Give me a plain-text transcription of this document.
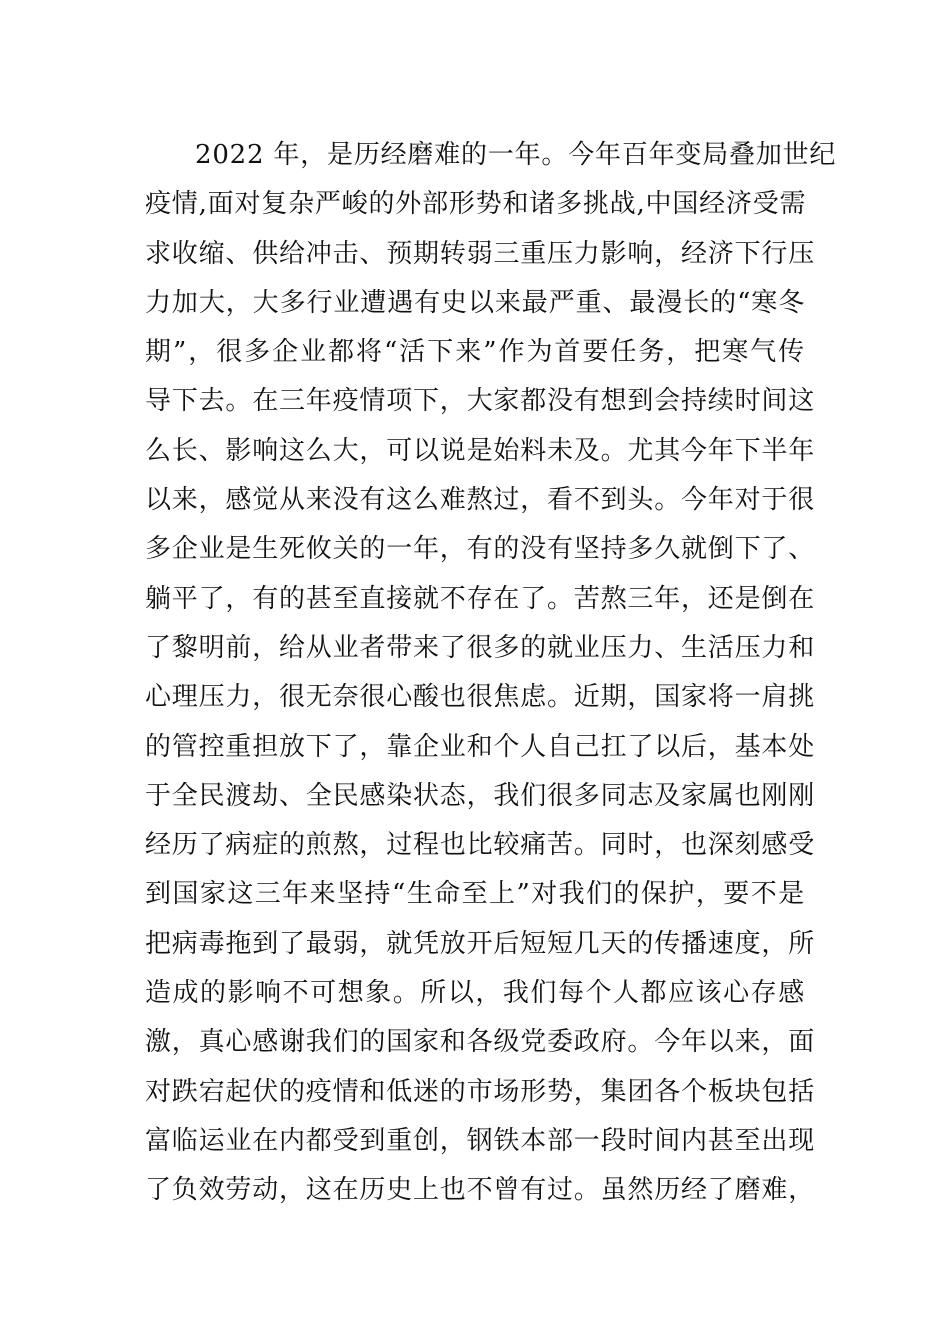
2022 年，是历经磨难的一年。今年百年变局叠加世纪
疫情,面对复杂严峻的外部形势和诸多挑战,中国经济受需
求收缩、供给冲击、预期转弱三重压力影响，经济下行压
力加大，大多行业遭遇有史以来最严重、最漫长的“寒冬
期”，很多企业都将“活下来”作为首要任务，把寒气传
导下去。在三年疫情项下，大家都没有想到会持续时间这
么长、影响这么大，可以说是始料未及。尤其今年下半年
以来，感觉从来没有这么难熬过，看不到头。今年对于很
多企业是生死攸关的一年，有的没有坚持多久就倒下了、
躺平了，有的甚至直接就不存在了。苦熬三年，还是倒在
了黎明前，给从业者带来了很多的就业压力、生活压力和
心理压力，很无奈很心酸也很焦虑。近期，国家将一肩挑
的管控重担放下了，靠企业和个人自己扛了以后，基本处
于全民渡劫、全民感染状态，我们很多同志及家属也刚刚
经历了病症的煎熬，过程也比较痛苦。同时，也深刻感受
到国家这三年来坚持“生命至上”对我们的保护，要不是
把病毒拖到了最弱，就凭放开后短短几天的传播速度，所
造成的影响不可想象。所以，我们每个人都应该心存感
激，真心感谢我们的国家和各级党委政府。今年以来，面
对跌宕起伏的疫情和低迷的市场形势，集团各个板块包括
富临运业在内都受到重创，钢铁本部一段时间内甚至出现
了负效劳动，这在历史上也不曾有过。虽然历经了磨难，
